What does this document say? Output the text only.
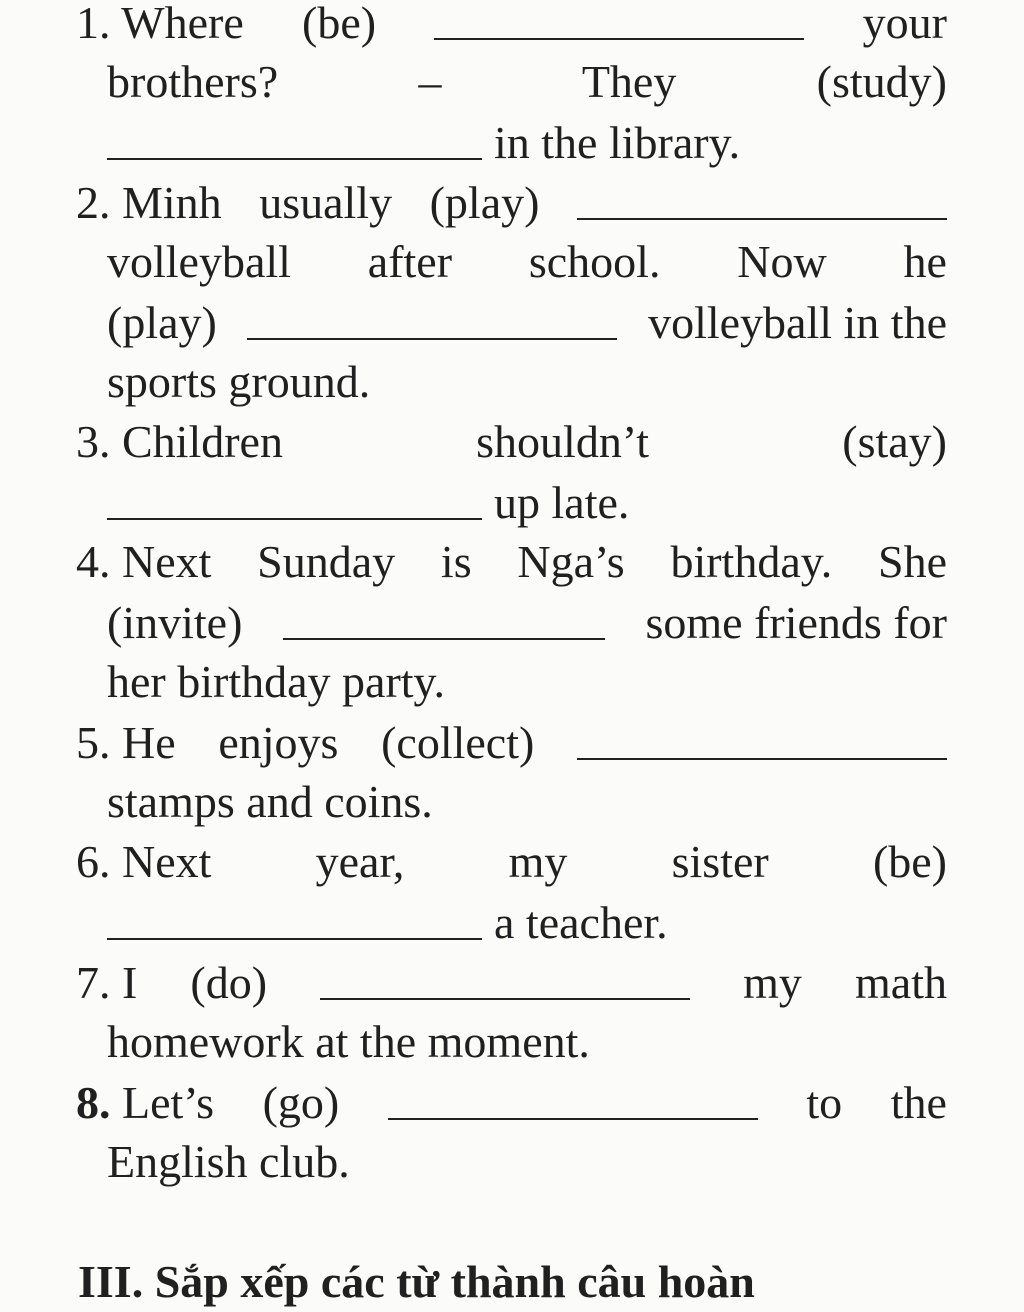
1. Where (be)	your
brothers?	–	They	(study)
in the library.
2. Minh usually (play)
volleyball after school. Now he
(play)	volleyball in the
sports ground.
3. Children	shouldn’t	(stay)
up late.
4. Next Sunday is Nga’s birthday. She
(invite)	some friends for
her birthday party.
5. He enjoys (collect)
stamps and coins.
6. Next year, my sister (be)
a teacher.
7. I (do)	my math
homework at the moment.
8. Let’s (go)	to the
English club.
III. Sắp xếp các từ thành câu hoàn
